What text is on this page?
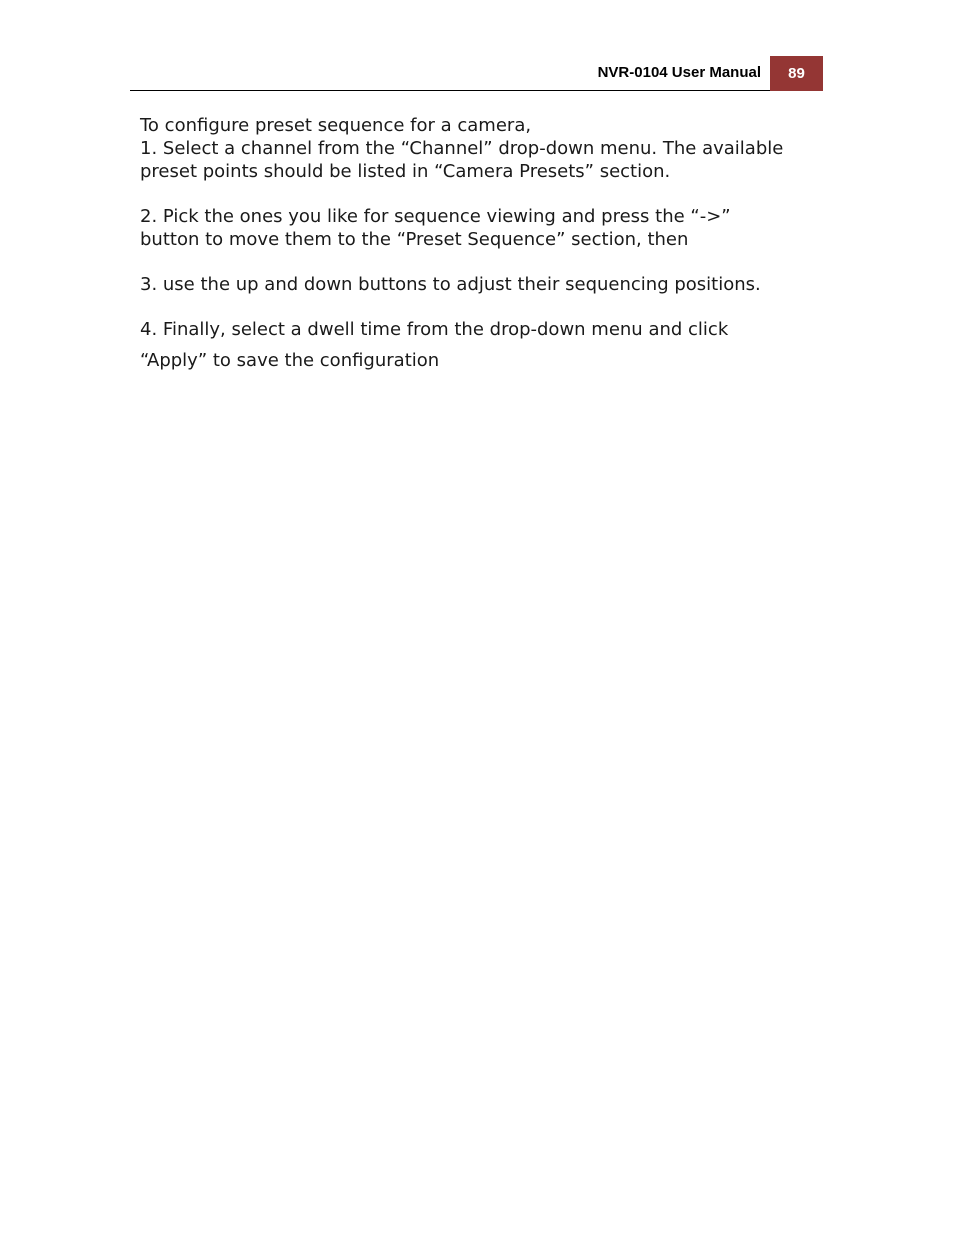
NVR-0104 User Manual	89

To configure preset sequence for a camera,

1. Select a channel from the “Channel” drop-down menu. The available

preset points should be listed in “Camera Presets” section.

2. Pick the ones you like for sequence viewing and press the “->”

button to move them to the “Preset Sequence” section, then

3. use the up and down buttons to adjust their sequencing positions.

4. Finally, select a dwell time from the drop-down menu and click

“Apply” to save the configuration
